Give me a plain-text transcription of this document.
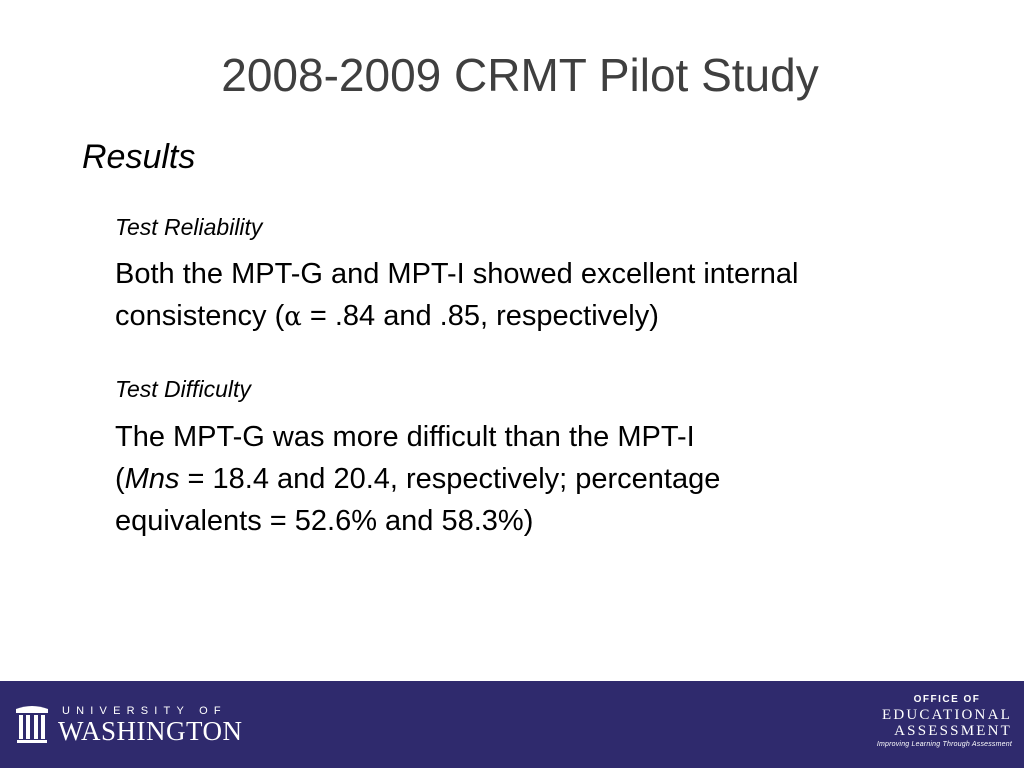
2008-2009 CRMT Pilot Study
Results
Test Reliability

Both the MPT-G and MPT-I showed excellent internal
consistency (α = .84 and .85, respectively)

Test Difficulty

The MPT-G was more difficult than the MPT-I
(Mns = 18.4 and 20.4, respectively; percentage
equivalents = 52.6% and 58.3%)

UNIVERSITY OF
WASHINGTON
OFFICE OF
EDUCATIONAL
ASSESSMENT
Improving Learning Through Assessment
